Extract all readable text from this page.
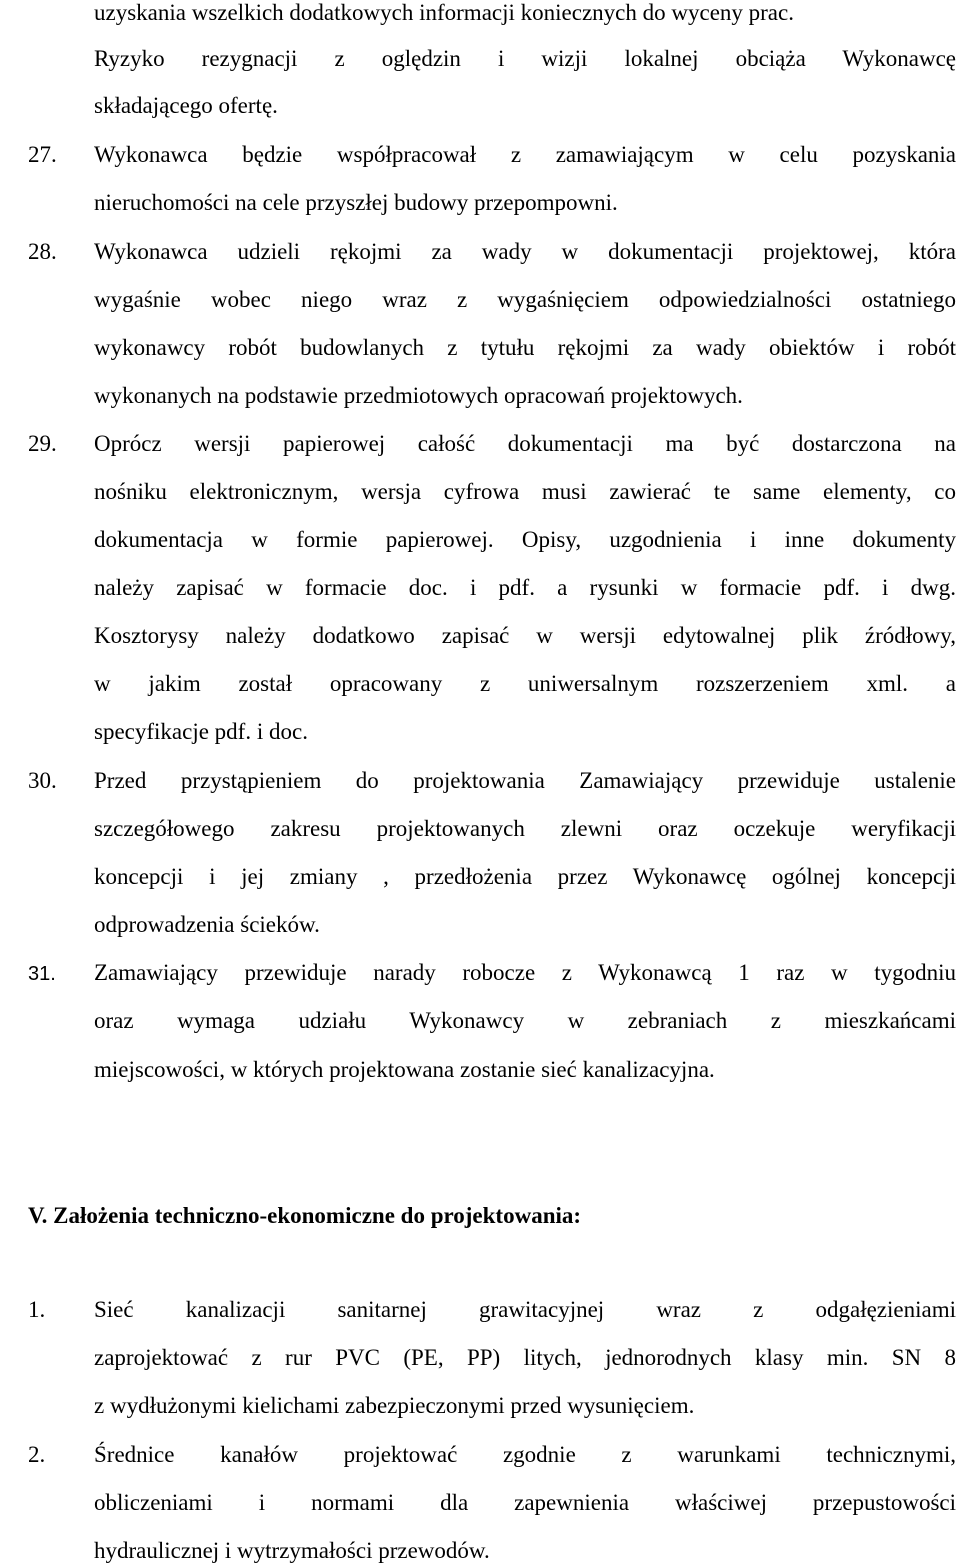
uzyskania wszelkich dodatkowych informacji koniecznych do wyceny prac.
Ryzyko rezygnacji z oględzin i wizji lokalnej obciąża Wykonawcę
składającego ofertę.
27. Wykonawca będzie współpracował z zamawiającym w celu pozyskania
nieruchomości na cele przyszłej budowy przepompowni.
28. Wykonawca udzieli rękojmi za wady w dokumentacji projektowej, która
wygaśnie wobec niego wraz z wygaśnięciem odpowiedzialności ostatniego
wykonawcy robót budowlanych z tytułu rękojmi za wady obiektów i robót
wykonanych na podstawie przedmiotowych opracowań projektowych.
29. Oprócz wersji papierowej całość dokumentacji ma być dostarczona na
nośniku elektronicznym, wersja cyfrowa musi zawierać te same elementy, co
dokumentacja w formie papierowej. Opisy, uzgodnienia i inne dokumenty
należy zapisać w formacie doc. i pdf. a rysunki w formacie pdf. i dwg.
Kosztorysy należy dodatkowo zapisać w wersji edytowalnej plik źródłowy,
w jakim został opracowany z uniwersalnym rozszerzeniem xml. a
specyfikacje pdf. i doc.
30. Przed przystąpieniem do projektowania Zamawiający przewiduje ustalenie
szczegółowego zakresu projektowanych zlewni oraz oczekuje weryfikacji
koncepcji i jej zmiany , przedłożenia przez Wykonawcę ogólnej koncepcji
odprowadzenia ścieków.
31. Zamawiający przewiduje narady robocze z Wykonawcą 1 raz w tygodniu
oraz wymaga udziału Wykonawcy w zebraniach z mieszkańcami
miejscowości, w których projektowana zostanie sieć kanalizacyjna.
V. Założenia techniczno-ekonomiczne do projektowania:
1. Sieć kanalizacji sanitarnej grawitacyjnej wraz z odgałęzieniami
zaprojektować z rur PVC (PE, PP) litych, jednorodnych klasy min. SN 8
z wydłużonymi kielichami zabezpieczonymi przed wysunięciem.
2. Średnice kanałów projektować zgodnie z warunkami technicznymi,
obliczeniami i normami dla zapewnienia właściwej przepustowości
hydraulicznej i wytrzymałości przewodów.
